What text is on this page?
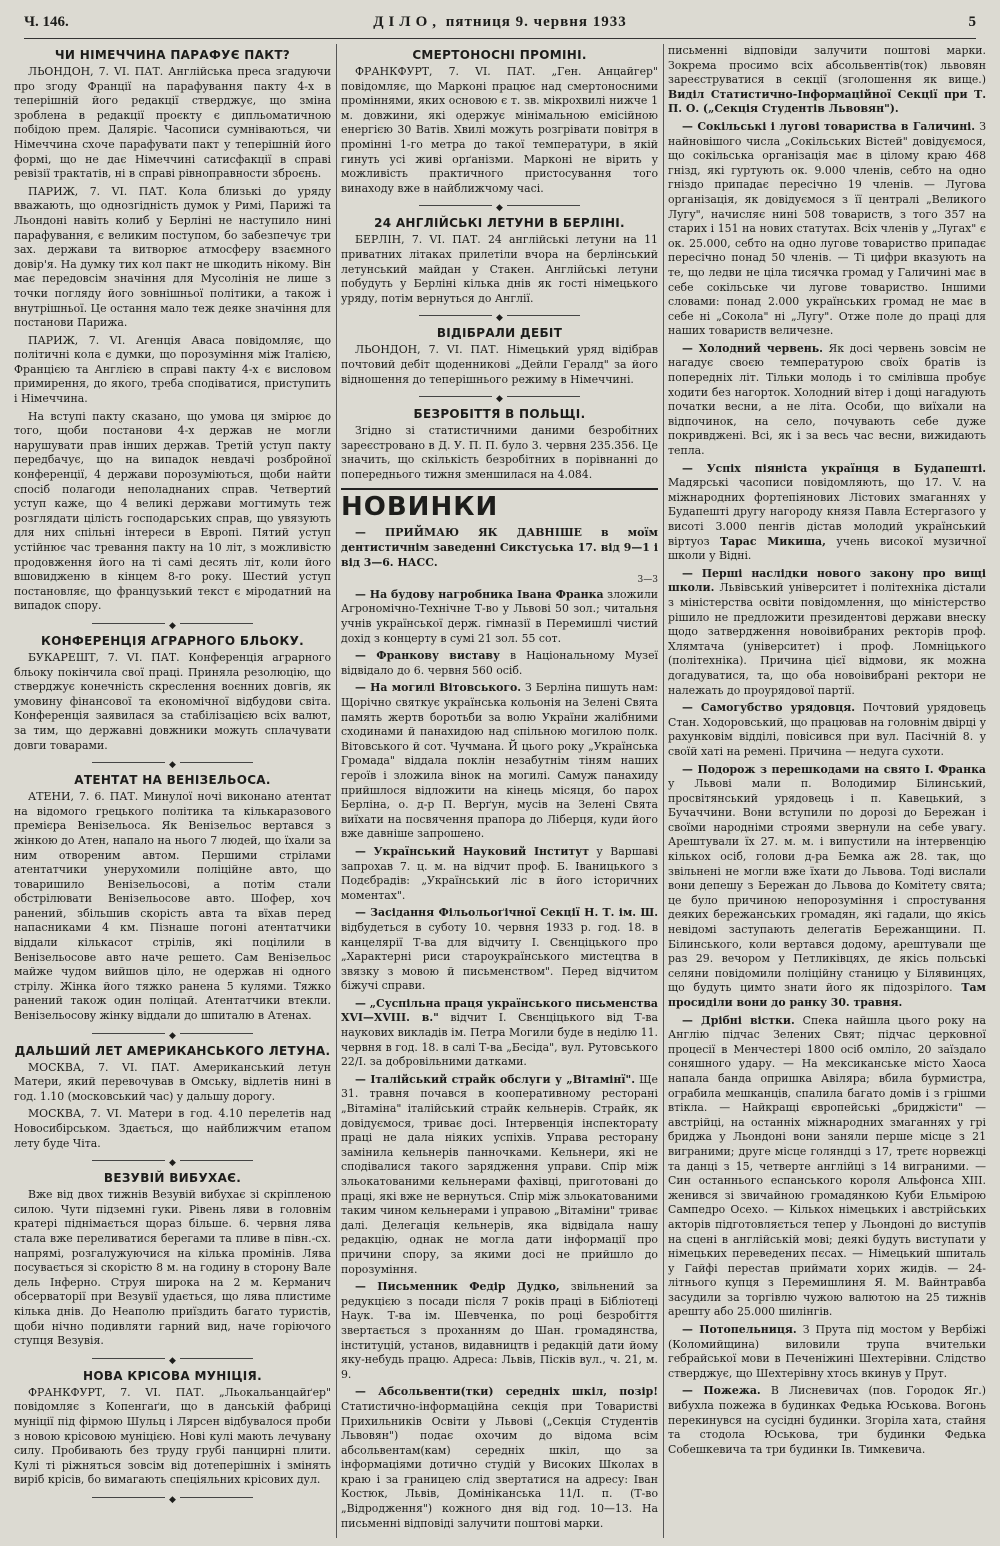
Ч. 146.	ДІЛО, пятниця 9. червня 1933	5
ЧИ НІМЕЧЧИНА ПАРАФУЄ ПАКТ?

ЛЬОНДОН, 7. VI. ПАТ. Англійська преса згадуючи про згоду Франції на парафування пакту 4-х в теперішній його редакції стверджує, що зміна зроблена в редакції проєкту є дипльоматичною побідою прем. Даляріє. Часописи сумніваються, чи Німеччина схоче парафувати пакт у теперішній його формі, що не дає Німеччині сатисфакції в справі ревізії трактатів, ні в справі рівноправности зброєнь.

ПАРИЖ, 7. VI. ПАТ. Кола близькі до уряду вважають, що однозгідність думок у Римі, Парижі та Льондоні навіть колиб у Берліні не наступило нині парафування, є великим поступом, бо забезпечує три зах. держави та витворює атмосферу взаємного довір'я. На думку тих кол пакт не шкодить нікому. Він має передовсім значіння для Мусолінія не лише з точки погляду його зовнішньої політики, а також і внутрішньої. Це остання мало теж деяке значіння для постанови Парижа.

ПАРИЖ, 7. VI. Агенція Аваса повідомляє, що політичні кола є думки, що порозуміння між Італією, Францією та Англією в справі пакту 4-х є висловом примирення, до якого, треба сподіватися, приступить і Німеччина.

На вступі пакту сказано, що умова ця змірює до того, щоби постанови 4-х держав не могли нарушувати прав інших держав. Третій уступ пакту передбачує, що на випадок невдачі розбройної конференції, 4 держави порозуміються, щоби найти спосіб полагоди неполаднаних справ. Четвертий уступ каже, що 4 великі держави могтимуть теж розглядати цілість господарських справ, що увязують для них спільні інтереси в Европі. Пятий уступ устійнює час тревання пакту на 10 літ, з можливістю продовження його на ті самі десять літ, коли його вшовидженю в кінцем 8-го року. Шестий уступ постановляє, що французький текст є міродатний на випадок спору.

◆
КОНФЕРЕНЦІЯ АГРАРНОГО БЛЬОКУ.

БУКАРЕШТ, 7. VI. ПАТ. Конференція аграрного бльоку покінчила свої праці. Приняла резолюцію, що стверджує конечність скреслення воєнних довгів, як умовину фінансової та економічної відбудови світа. Конференція заявилася за стабілізацією всіх валют, за тим, що державні довжники можуть сплачувати довги товарами.

◆
АТЕНТАТ НА ВЕНІЗЕЛЬОСА.

АТЕНИ, 7. 6. ПАТ. Минулої ночі виконано атентат на відомого грецького політика та кількаразового премієра Венізельоса. Як Венізельос вертався з жінкою до Атен, напало на нього 7 людей, що їхали за ним отвореним автом. Першими стрілами атентатчики унерухомили поліційне авто, що товаришило Венізельосові, а потім стали обстрілювати Венізельосове авто. Шофер, хоч ранений, збільшив скорість авта та вїхав перед напасниками 4 км. Пізнаше погоні атентатчики віддали кількасот стрілів, які поцілили в Венізельосове авто наче решето. Сам Венізельос майже чудом вийшов ціло, не одержав ні одного стрілу. Жінка його тяжко ранена 5 кулями. Тяжко ранений також один поліцай. Атентатчики втекли. Венізельосову жінку віддали до шпиталю в Атенах.

◆
ДАЛЬШИЙ ЛЕТ АМЕРИКАНСЬКОГО ЛЕТУНА.

МОСКВА, 7. VI. ПАТ. Американський летун Матери, який перевочував в Омську, відлетів нині в год. 1.10 (московський час) у дальшу дорогу.

МОСКВА, 7. VI. Матери в год. 4.10 перелетів над Новосибірськом. Здається, що найближчим етапом лету буде Чіта.

◆
ВЕЗУВІЙ ВИБУХАЄ.

Вже від двох тижнів Везувій вибухає зі скріпленою силою. Чути підземні гуки. Рівень ляви в головнім кратері піднімається щораз більше. 6. червня лява стала вже переливатися берегами та пливе в півн.-сх. напрямі, розгалужуючися на кілька промінів. Лява посувається зі скорістю 8 м. на годину в сторону Вале дель Інферно. Струя широка на 2 м. Керманич обсерваторії при Везувії удається, що лява плистиме кілька днів. До Неаполю приїздить багато туристів, щоби нічно подивляти гарний вид, наче горіючого ступця Везувія.

◆
НОВА КРІСОВА МУНІЦІЯ.

ФРАНКФУРТ, 7. VI. ПАТ. „Льокальанцайґер" повідомляє з Копенгаґи, що в данській фабриці муніції під фірмою Шульц і Лярсен відбувалося проби з новою крісовою муніцією. Нові кулі мають лечувану силу. Пробивають без труду грубі панцирні плити. Кулі ті ріжняться зовсім від дотеперішніх і змінять виріб крісів, бо вимагають спеціяльних крісових дул.

◆
СМЕРТОНОСНІ ПРОМІНІ.

ФРАНКФУРТ, 7. VI. ПАТ. „Ген. Анцайгер" повідомляє, що Марконі працює над смертоносними проміннями, яких основою є т. зв. мікрохвилі нижче 1 м. довжини, які одержує мінімальною емісійною енергією 30 Ватів. Хвилі можуть розгрівати повітря в промінні 1-го метра до такої температури, в якій гинуть усі живі орґанізми. Марконі не вірить у можливість практичного пристосування того винаходу вже в найближчому часі.

◆
24 АНГЛІЙСЬКІ ЛЕТУНИ В БЕРЛІНІ.

БЕРЛІН, 7. VI. ПАТ. 24 англійські летуни на 11 приватних літаках прилетіли вчора на берлінський летунський майдан у Стакен. Англійські летуни побудуть у Берліні кілька днів як гості німецького уряду, потім вернуться до Англії.

◆
ВІДІБРАЛИ ДЕБІТ

ЛЬОНДОН, 7. VI. ПАТ. Німецький уряд відібрав почтовий дебіт щоденникові „Дейли Гералд" за його відношення до теперішнього режиму в Німеччині.

◆
БЕЗРОБІТТЯ В ПОЛЬЩІ.

Згідно зі статистичними даними безробітних зареєстровано в Д. У. П. П. було 3. червня 235.356. Це значить, що скількість безробітних в порівнанні до попереднього тижня зменшилася на 4.084.

НОВИНКИ

— ПРИЙМАЮ ЯК ДАВНІШЕ в моїм дентистичнім заведенні Сикстуська 17. від 9—1 і від 3—6. НАСС.

3—3

— На будову нагробника Івана Франка зложили Агрономічно-Технічне Т-во у Львові 50 зол.; читальня учнів української держ. гімназії в Перемишлі чистий дохід з концерту в сумі 21 зол. 55 сот.

— Франкову виставу в Національному Музеї відвідало до 6. червня 560 осіб.

— На могилі Вітовського. З Берліна пишуть нам: Щорічно святкує українська кольонія на Зелені Свята память жертв боротьби за волю України жалібними сходинами й панахидою над спільною могилою полк. Вітовського й сот. Чучмана. Й цього року „Українська Громада" віддала поклін незабутнім тіням наших героїв і зложила вінок на могилі. Самуж панахиду прийшлося відложити на кінець місяця, бо парох Берліна, о. д-р П. Верґун, мусів на Зелені Свята виїхати на посвячення прапора до Ліберця, куди його вже давніше запрошено.

— Український Науковий Інститут у Варшаві запрохав 7. ц. м. на відчит проф. Б. Іваницького з Подєбрадів: „Український ліс в його історичних моментах".

— Засідання Фільольоґічної Секції Н. Т. ім. Ш. відбудеться в суботу 10. червня 1933 р. год. 18. в канцелярії Т-ва для відчиту І. Свєнціцького про „Характерні риси староукраїнського мистецтва в звязку з мовою й письменством". Перед відчитом біжучі справи.

— „Суспільна праця українського письменства XVI—XVIII. в." відчит І. Свєнціцького від Т-ва наукових викладів ім. Петра Могили буде в неділю 11. червня в год. 18. в салі Т-ва „Бесіда", вул. Рутовського 22/І. за добровільними датками.

— Італійський страйк обслуги у „Вітамінї". Ще 31. травня почався в кооперативному ресторані „Вітаміна" італійський страйк кельнерів. Страйк, як довідуємося, триває досі. Інтервенція інспекторату праці не дала ніяких успіхів. Управа ресторану замінила кельнерів панночками. Кельнери, які не сподівалися такого зарядження управи. Спір між зльокатованими кельнерами фахівці, приготовані до праці, які вже не вернуться. Спір між зльокатованими таким чином кельнерами і управою „Вітаміни" триває далі. Делегація кельнерів, яка відвідала нашу редакцію, однак не могла дати інформації про причини спору, за якими досі не прийшло до порозуміння.

— Письменник Федір Дудко, звільнений за редукцією з посади після 7 років праці в Бібліотеці Наук. Т-ва ім. Шевченка, по році безробіття звертається з проханням до Шан. громадянства, інституцій, установ, видавництв і редакцій дати йому яку-небудь працю. Адреса: Львів, Пісків вул., ч. 21, м. 9.

— Абсольвенти(тки) середніх шкіл, позір! Статистично-інформаційна секція при Товаристві Прихильників Освіти у Львові („Секція Студентів Львовян") подає охочим до відома всім абсольвентам(кам) середніх шкіл, що за інформаціями дотично студій у Високих Школах в краю і за границею слід звертатися на адресу: Іван Костюк, Львів, Домініканська 11/І. п. (Т-во „Відродження") кожного дня від год. 10—13. На письменні відповіді залучити поштові марки.

письменні відповіди залучити поштові марки. Зокрема просимо всіх абсольвентів(ток) львовян зареєструватися в секції (зголошення як вище.) Виділ Статистично-Інформаційної Секції при Т. П. О. („Секція Студентів Львовян").

— Сокільські і лугові товариства в Галичині. З найновішого числа „Сокільських Вістей" довідуємося, що сокільська організація має в цілому краю 468 гнізд, які гуртують ок. 9.000 членів, себто на одно гніздо припадає пересічно 19 членів. — Лугова організація, як довідуємося з її централі „Великого Лугу", начисляє нині 508 товариств, з того 357 на старих і 151 на нових статутах. Всіх членів у „Лугах" є ок. 25.000, себто на одно лугове товариство припадає пересічно понад 50 членів. — Ті цифри вказують на те, що ледви не ціла тисячка громад у Галичині має в себе сокільське чи лугове товариство. Іншими словами: понад 2.000 українських громад не має в себе ні „Сокола" ні „Лугу". Отже поле до праці для наших товариств величезне.

— Холодний червень. Як досі червень зовсім не нагадує своєю температурою своїх братів із попередніх літ. Тільки молодь і то смілівша пробує ходити без нагорток. Холодний вітер і дощі нагадують початки весни, а не літа. Особи, що виїхали на відпочинок, на село, почувають себе дуже покривдженi. Всі, як і за весь час весни, вижидають тепла.

— Успіх піяніста українця в Будапешті. Мадярські часописи повідомляють, що 17. V. на міжнародних фортепіянових Лістових змаганнях у Будапешті другу нагороду князя Павла Естергазого у висоті 3.000 пенгів дістав молодий український віртуоз Тарас Микиша, учень високої музичної школи у Відні.

— Перші наслідки нового закону про вищі школи. Львівський університет і політехніка дістали з міністерства освіти повідомлення, що міністерство рішило не предложити президентові держави внеску щодо затвердження новоiвибраних ректорів проф. Хлямтача (університет) і проф. Ломніцького (політехніка). Причина цієї відмови, як можна догадуватися, та, що оба новоiвибрані ректори не належать до проурядової партії.

— Самогубство урядовця. Почтовий урядовець Стан. Ходоровський, що працював на головнім двірці у рахунковім відділі, повісився при вул. Пасічній 8. у своїй хаті на ремені. Причина — недуга сухоти.

— Подорож з перешкодами на свято І. Франка у Львові мали п. Володимир Білинський, просвітянський урядовець і п. Кавецький, з Бучаччини. Вони вступили по дорозі до Бережан і своїми народніми строями звернули на себе увагу. Арештували їх 27. м. м. і випустили на інтервенцію кількох осіб, голови д-ра Бемка аж 28. так, що звільнені не могли вже їхати до Львова. Тоді вислали вони депешу з Бережан до Львова до Комітету свята; це було причиною непорозуміння і спростування деяких бережанських громадян, які гадали, що якісь невідомі заступають делегатів Бережанщини. П. Білинського, коли вертався додому, арештували ще раз 29. вечором у Петликівцях, де якісь польські селяни повідомили поліційну станицю у Білявинцях, що будуть цимто знати його як підозрілого. Там просиділи вони до ранку 30. травня.

— Дрібні вістки. Спека найшла цього року на Англію підчас Зелених Свят; підчас церковної процесії в Менчестері 1800 осіб омліло, 20 заїздало соняшного удару. — На мексиканське місто Хаоса напала банда опришка Авіляра; вбила бурмистра, ограбила мешканців, спалила багато домів і з грішми втікла. — Найкращі європейські „бриджісти" — австрійці, на останніх міжнародних змаганнях у грі бриджа у Льондоні вони заняли перше місце з 21 виграними; друге місце голяндці з 17, третє норвежці та данці з 15, четверте англійці з 14 виграними. — Син останнього еспанського короля Альфонса XIII. женився зі звичайною громадянкою Куби Ельмірою Сампедро Осехо. — Кількох німецьких і австрійських акторів підготовляється тепер у Льондоні до виступів на сцені в англійській мові; деякі будуть виступати у німецьких переведених пєсах. — Німецький шпиталь у Гайфі перестав приймати хорих жидів. — 24-літнього купця з Перемишлиня Я. М. Вайнтравба засудили за торгівлю чужою валютою на 25 тижнів арешту або 25.000 шилінгів.

— Потопельниця. З Прута під мостом у Вербіжі (Коломийщина) виловили трупа вчительки гебрайської мови в Печеніжині Шехтерівни. Слідство стверджує, що Шехтерівну хтось вкинув у Прут.

— Пожежа. В Лисневичах (пов. Городок Яг.) вибухла пожежа в будинках Федька Юськова. Вогонь перекинувся на сусідні будинки. Згоріла хата, стайня та стодола Юськова, три будинки Федька Собешкевича та три будинки Ів. Тимкевича.
